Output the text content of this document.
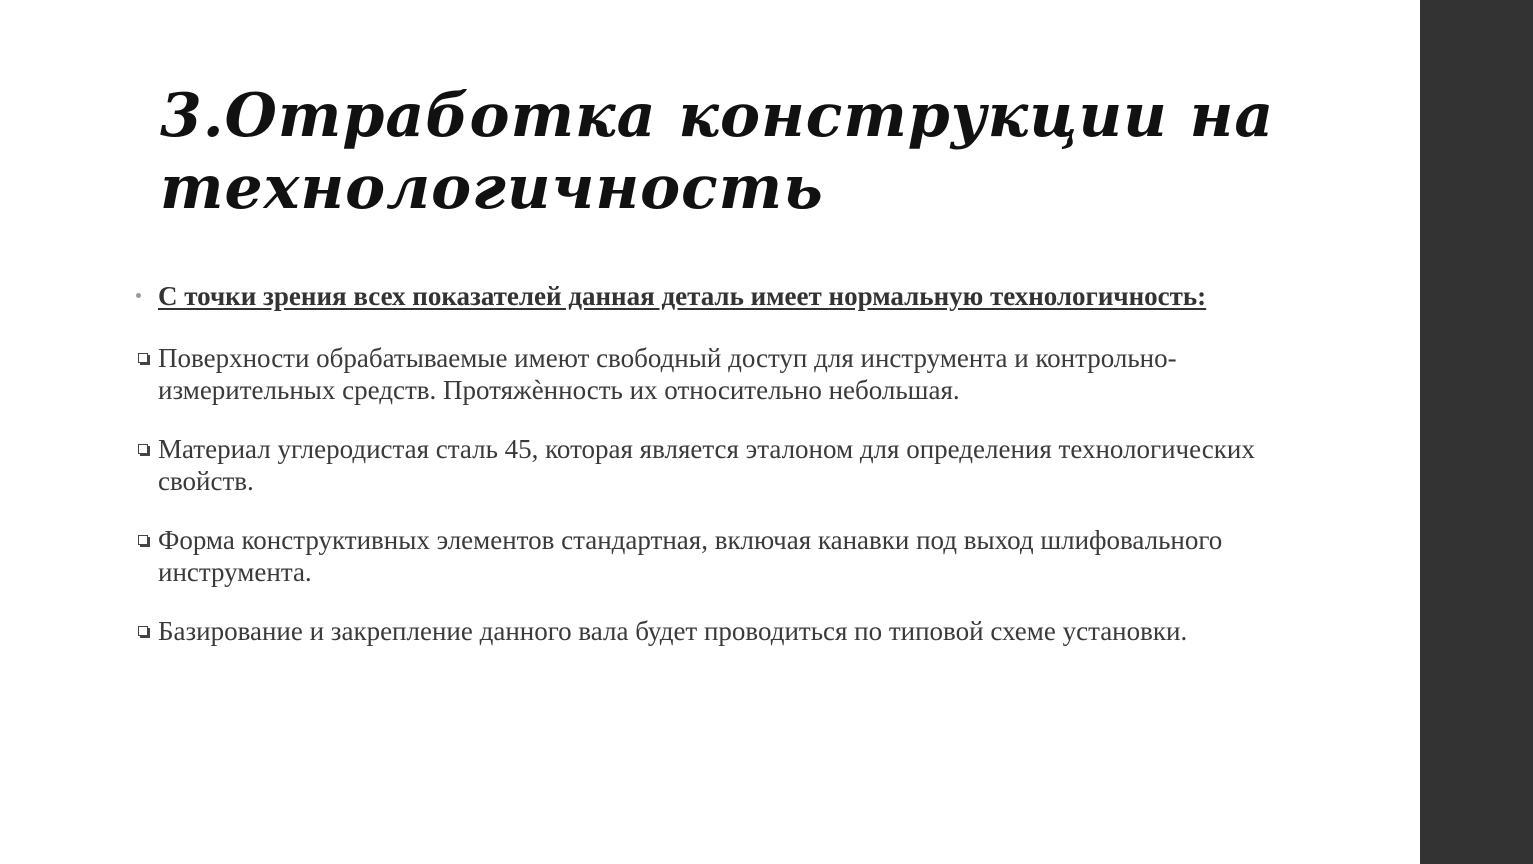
3.Отработка конструкции на
технологичность
С точки зрения всех показателей данная деталь имеет нормальную технологичность:
Поверхности обрабатываемые имеют свободный доступ для инструмента и контрольно-измерительных средств. Протяжѐнность их относительно небольшая.
Материал углеродистая сталь 45, которая является эталоном для определения технологических свойств.
Форма конструктивных элементов стандартная, включая канавки под выход шлифовального инструмента.
Базирование и закрепление данного вала будет проводиться по типовой схеме установки.
